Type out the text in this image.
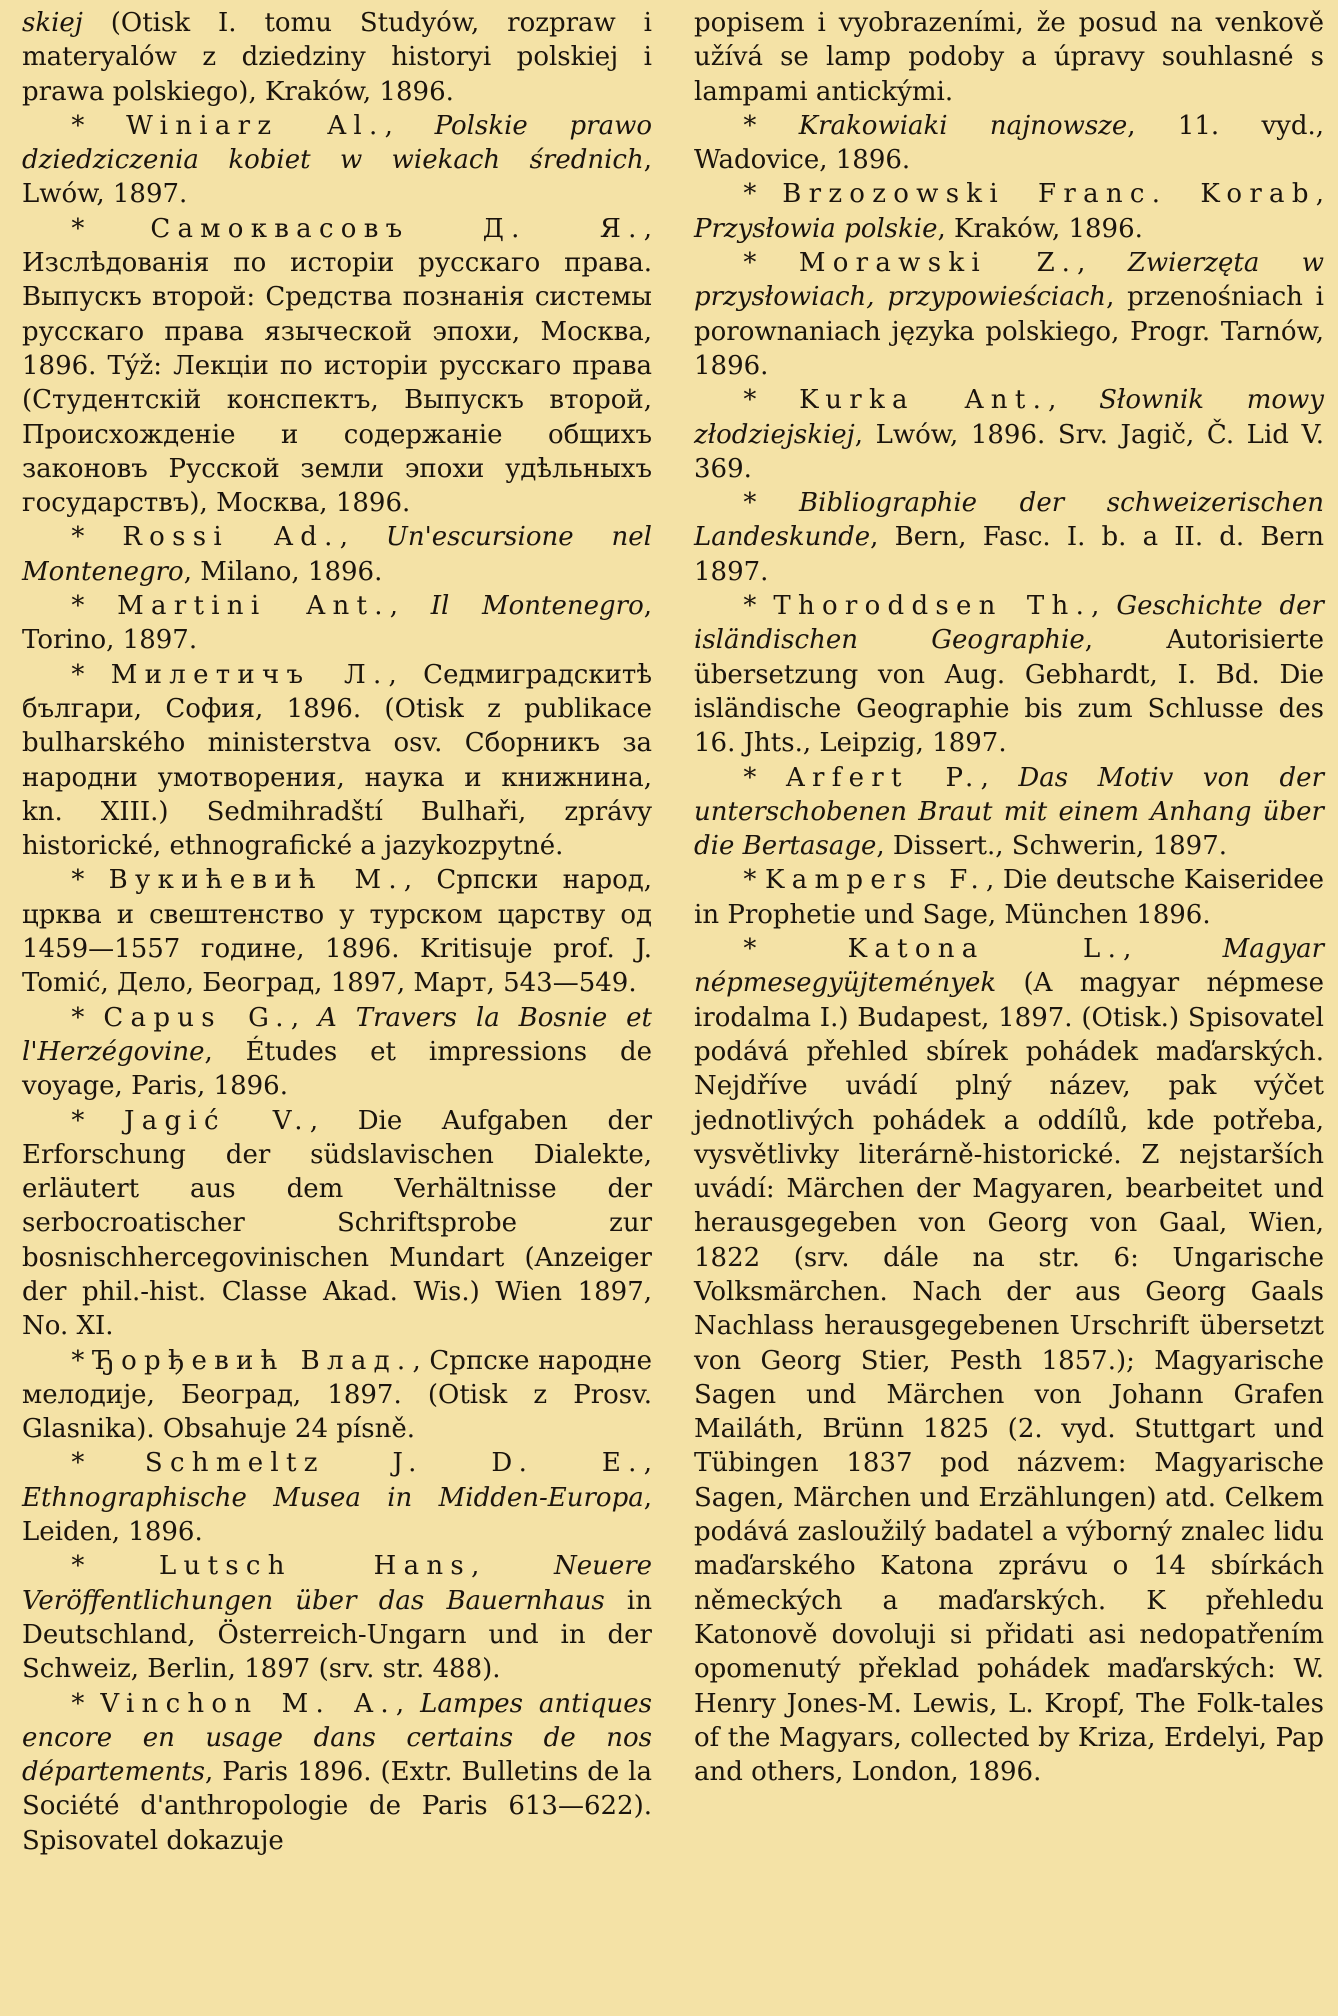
skiej (Otisk I. tomu Studyów, rozpraw i materyalów z dziedziny historyi polskiej i prawa polskiego), Kraków, 1896.

* Winiarz Al., Polskie prawo dziedziczenia kobiet w wiekach średnich, Lwów, 1897.

* Самокваcовъ Д. Я., Изслѣдованія по исторіи русскаго права. Выпускъ второй: Средства познанія системы русскаго права языческой эпохи, Москва, 1896. Týž: Лекціи по исторіи русскаго права (Студентскій конспектъ, Выпускъ второй, Происхожденіе и содержаніе общихъ законовъ Русской земли эпохи удѣльныхъ государствъ), Москва, 1896.

* Rossi Ad., Un'escursione nel Montenegro, Milano, 1896.

* Martini Ant., Il Montenegro, Torino, 1897.

* Милетичъ Л., Седмиградскитѣ българи, София, 1896. (Otisk z publikace bulharského ministerstva osv. Сборникъ за народни умотворения, наука и книжнина, kn. XIII.) Sedmihradští Bulhaři, zprávy historické, ethnografické a jazykozpytné.

* Вукићевић М., Српски народ, црква и свештенство у турском царству од 1459—1557 године, 1896. Kritisuje prof. J. Tomić, Дело, Београд, 1897, Март, 543—549.

* Capus G., A Travers la Bosnie et l'Herzégovine, Études et impressions de voyage, Paris, 1896.

* Jagić V., Die Aufgaben der Erforschung der südslavischen Dialekte, erläutert aus dem Verhältnisse der serbocroatischer Schriftsprobe zur bosnischhercegovinischen Mundart (Anzeiger der phil.-hist. Classe Akad. Wis.) Wien 1897, No. XI.

* Ђорђевић Влад., Српске народне мелодије, Београд, 1897. (Otisk z Prosv. Glasnika). Obsahuje 24 písně.

* Schmeltz J. D. E., Ethnographische Musea in Midden-Europa, Leiden, 1896.

* Lutsch Hans, Neuere Veröffentlichungen über das Bauernhaus in Deutschland, Österreich-Ungarn und in der Schweiz, Berlin, 1897 (srv. str. 488).

* Vinchon M. A., Lampes antiques encore en usage dans certains de nos départements, Paris 1896. (Extr. Bulletins de la Société d'anthropologie de Paris 613—622). Spisovatel dokazuje

popisem i vyobrazeními, že posud na venkově užívá se lamp podoby a úpravy souhlasné s lampami antickými.

* Krakowiaki najnowsze, 11. vyd., Wadovice, 1896.

* Brzozowski Franc. Korab, Przysłowia polskie, Kraków, 1896.

* Morawski Z., Zwierzęta w przysłowiach, przypowieściach, przenośniach i porownaniach języka polskiego, Progr. Tarnów, 1896.

* Kurka Ant., Słownik mowy złodziejskiej, Lwów, 1896. Srv. Jagič, Č. Lid V. 369.

* Bibliographie der schweizerischen Landeskunde, Bern, Fasc. I. b. a II. d. Bern 1897.

* Thoroddsen Th., Geschichte der isländischen Geographie, Autorisierte übersetzung von Aug. Gebhardt, I. Bd. Die isländische Geographie bis zum Schlusse des 16. Jhts., Leipzig, 1897.

* Arfert P., Das Motiv von der unterschobenen Braut mit einem Anhang über die Bertasage, Dissert., Schwerin, 1897.

* Kampers F., Die deutsche Kaiseridee in Prophetie und Sage, München 1896.

* Katona L., Magyar népmesegyüjtemények (A magyar népmese irodalma I.) Budapest, 1897. (Otisk.) Spisovatel podává přehled sbírek pohádek maďarských. Nejdříve uvádí plný název, pak výčet jednotlivých pohádek a oddílů, kde potřeba, vysvětlivky literárně-historické. Z nejstarších uvádí: Märchen der Magyaren, bearbeitet und herausgegeben von Georg von Gaal, Wien, 1822 (srv. dále na str. 6: Ungarische Volksmärchen. Nach der aus Georg Gaals Nachlass herausgegebenen Urschrift übersetzt von Georg Stier, Pesth 1857.); Magyarische Sagen und Märchen von Johann Grafen Mailáth, Brünn 1825 (2. vyd. Stuttgart und Tübingen 1837 pod názvem: Magyarische Sagen, Märchen und Erzählungen) atd. Celkem podává zasloužilý badatel a výborný znalec lidu maďarského Katona zprávu o 14 sbírkách německých a maďarských. K přehledu Katonově dovoluji si přidati asi nedopatřením opomenutý překlad pohádek maďarských: W. Henry Jones-M. Lewis, L. Kropf, The Folk-tales of the Magyars, collected by Kriza, Erdelyi, Pap and others, London, 1896.
